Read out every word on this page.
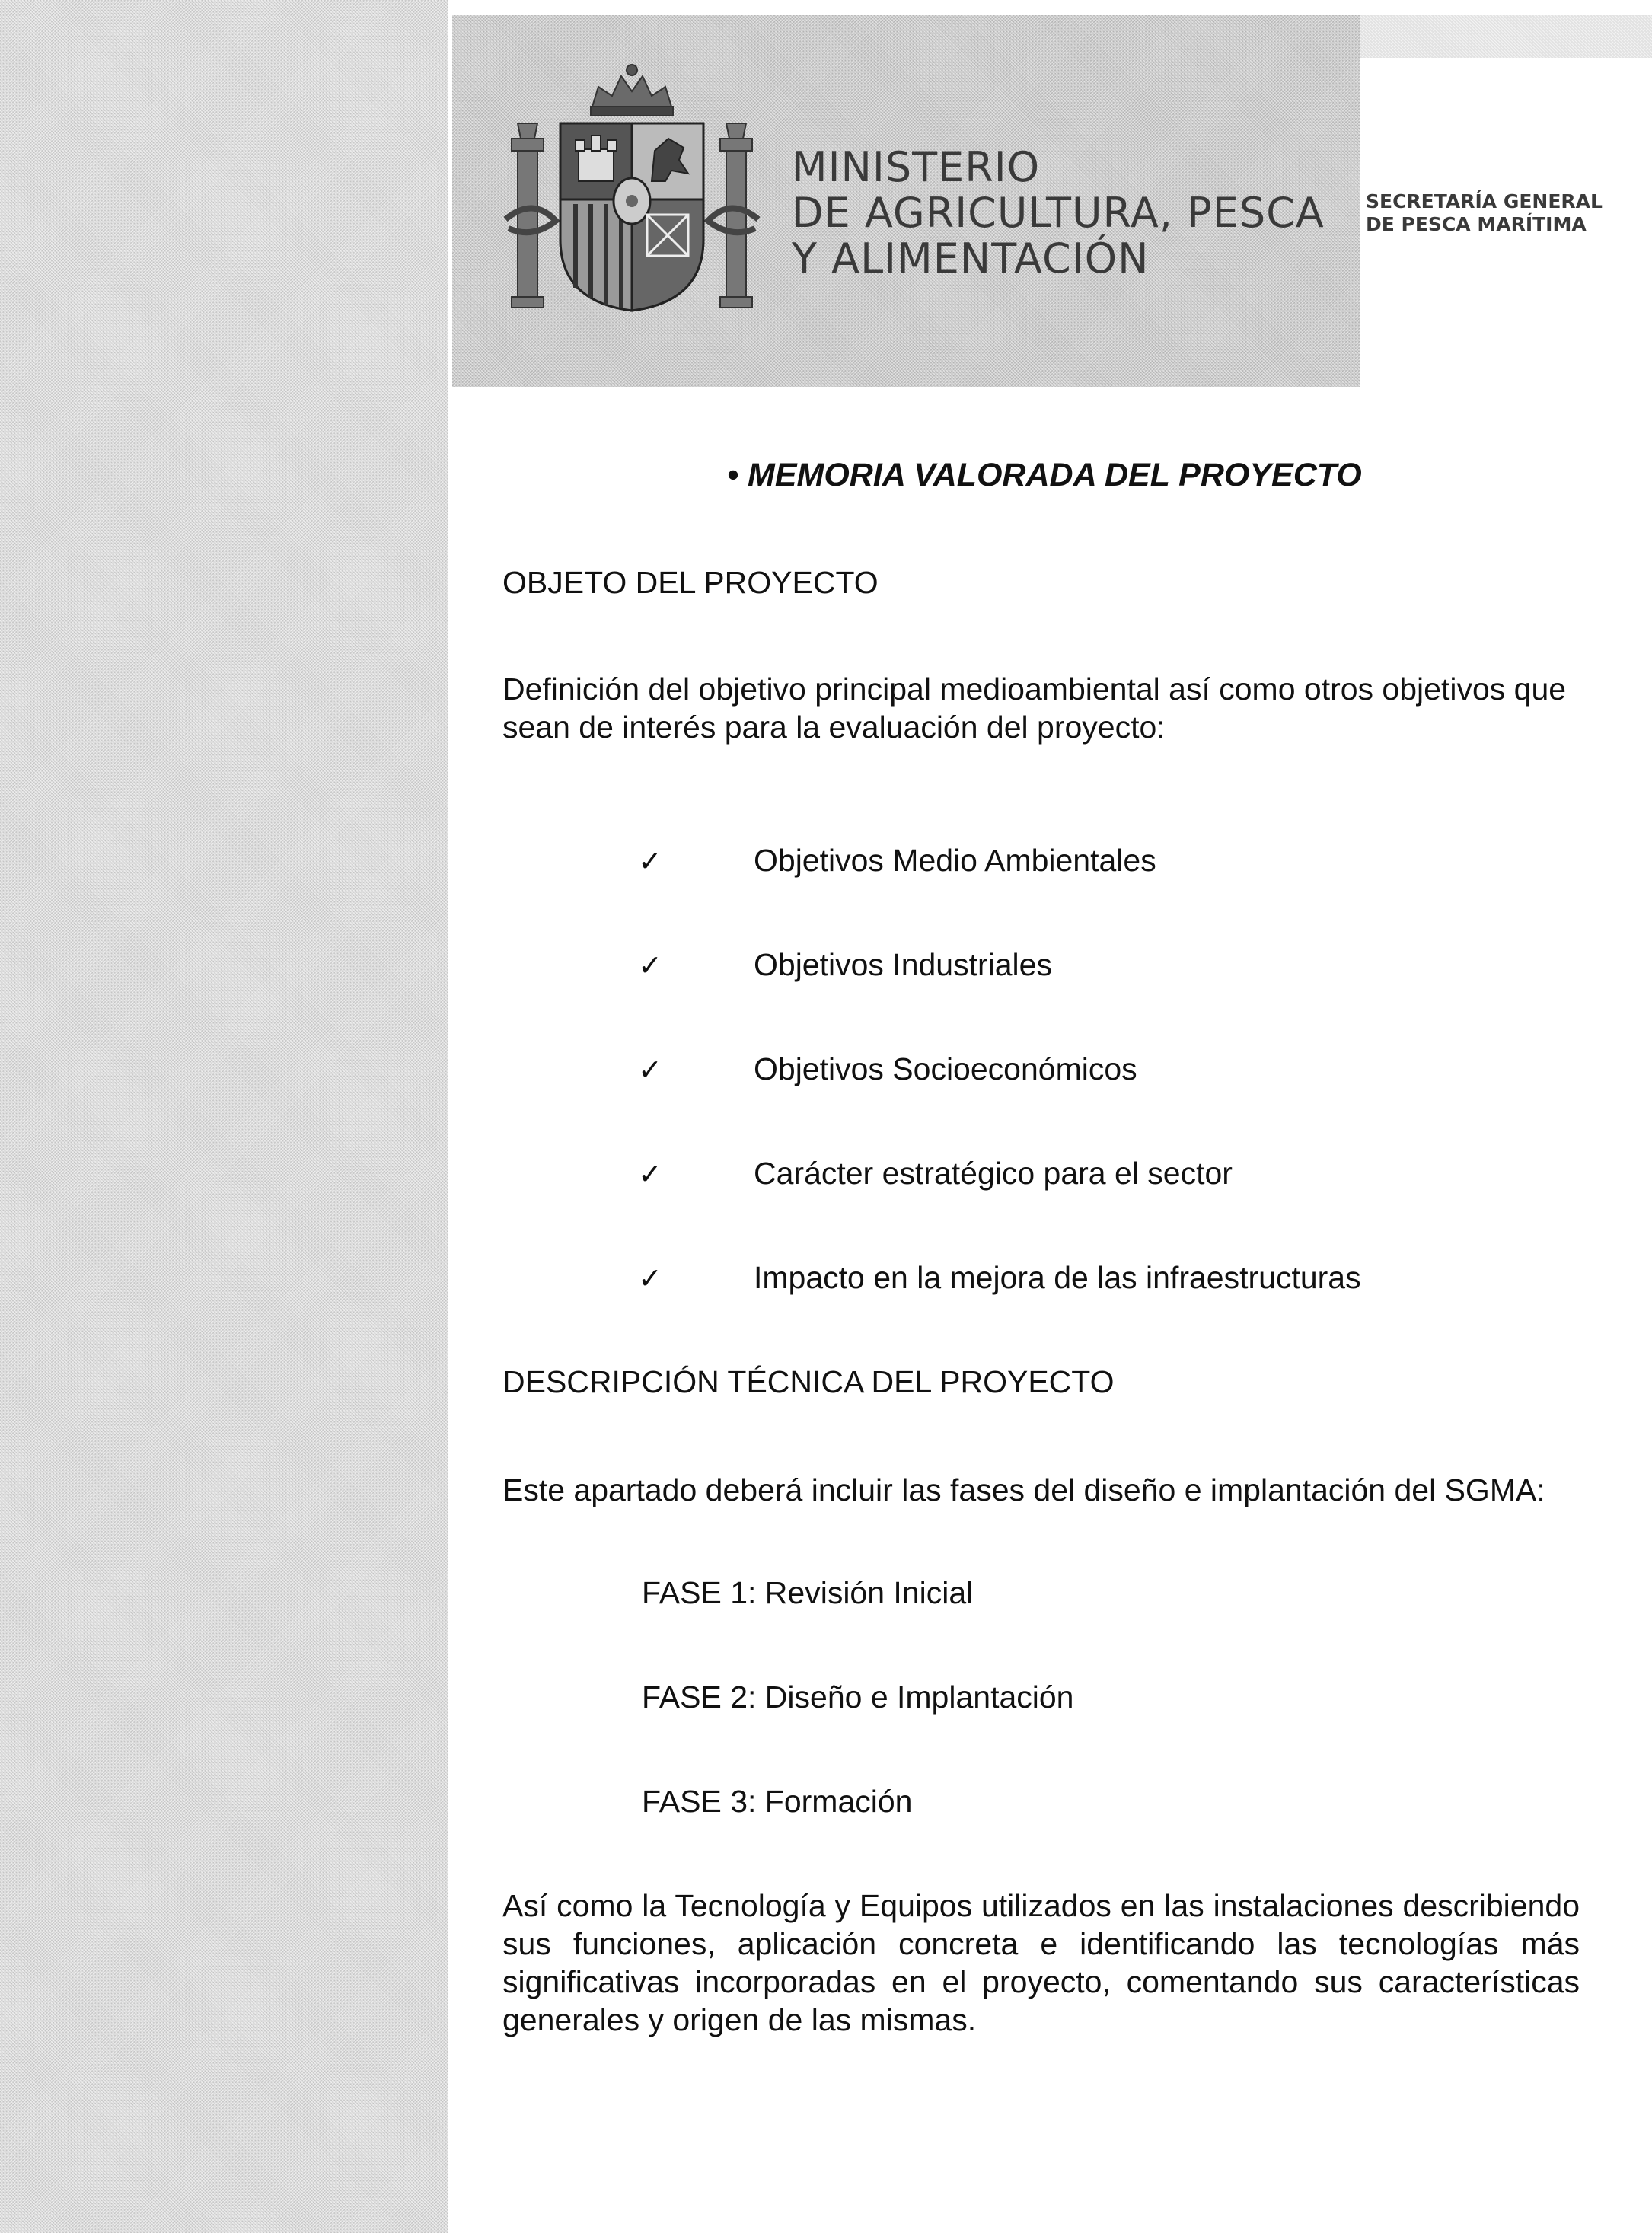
MINISTERIO
DE AGRICULTURA, PESCA
Y ALIMENTACIÓN
SECRETARÍA GENERAL
DE PESCA MARÍTIMA
• MEMORIA VALORADA DEL PROYECTO
OBJETO DEL PROYECTO
Definición del objetivo principal medioambiental así como otros objetivos que sean de interés para la evaluación del proyecto:
✓	Objetivos Medio Ambientales
✓	Objetivos Industriales
✓	Objetivos Socioeconómicos
✓	Carácter estratégico para el sector
✓	Impacto en la mejora de las infraestructuras
DESCRIPCIÓN TÉCNICA DEL PROYECTO
Este apartado deberá incluir las fases del diseño e implantación del SGMA:
FASE 1: Revisión Inicial
FASE 2: Diseño e Implantación
FASE 3: Formación
Así como la Tecnología y Equipos utilizados en las instalaciones describiendo sus funciones, aplicación concreta e identificando las tecnologías más significativas incorporadas en el proyecto, comentando sus características generales y origen de las mismas.
